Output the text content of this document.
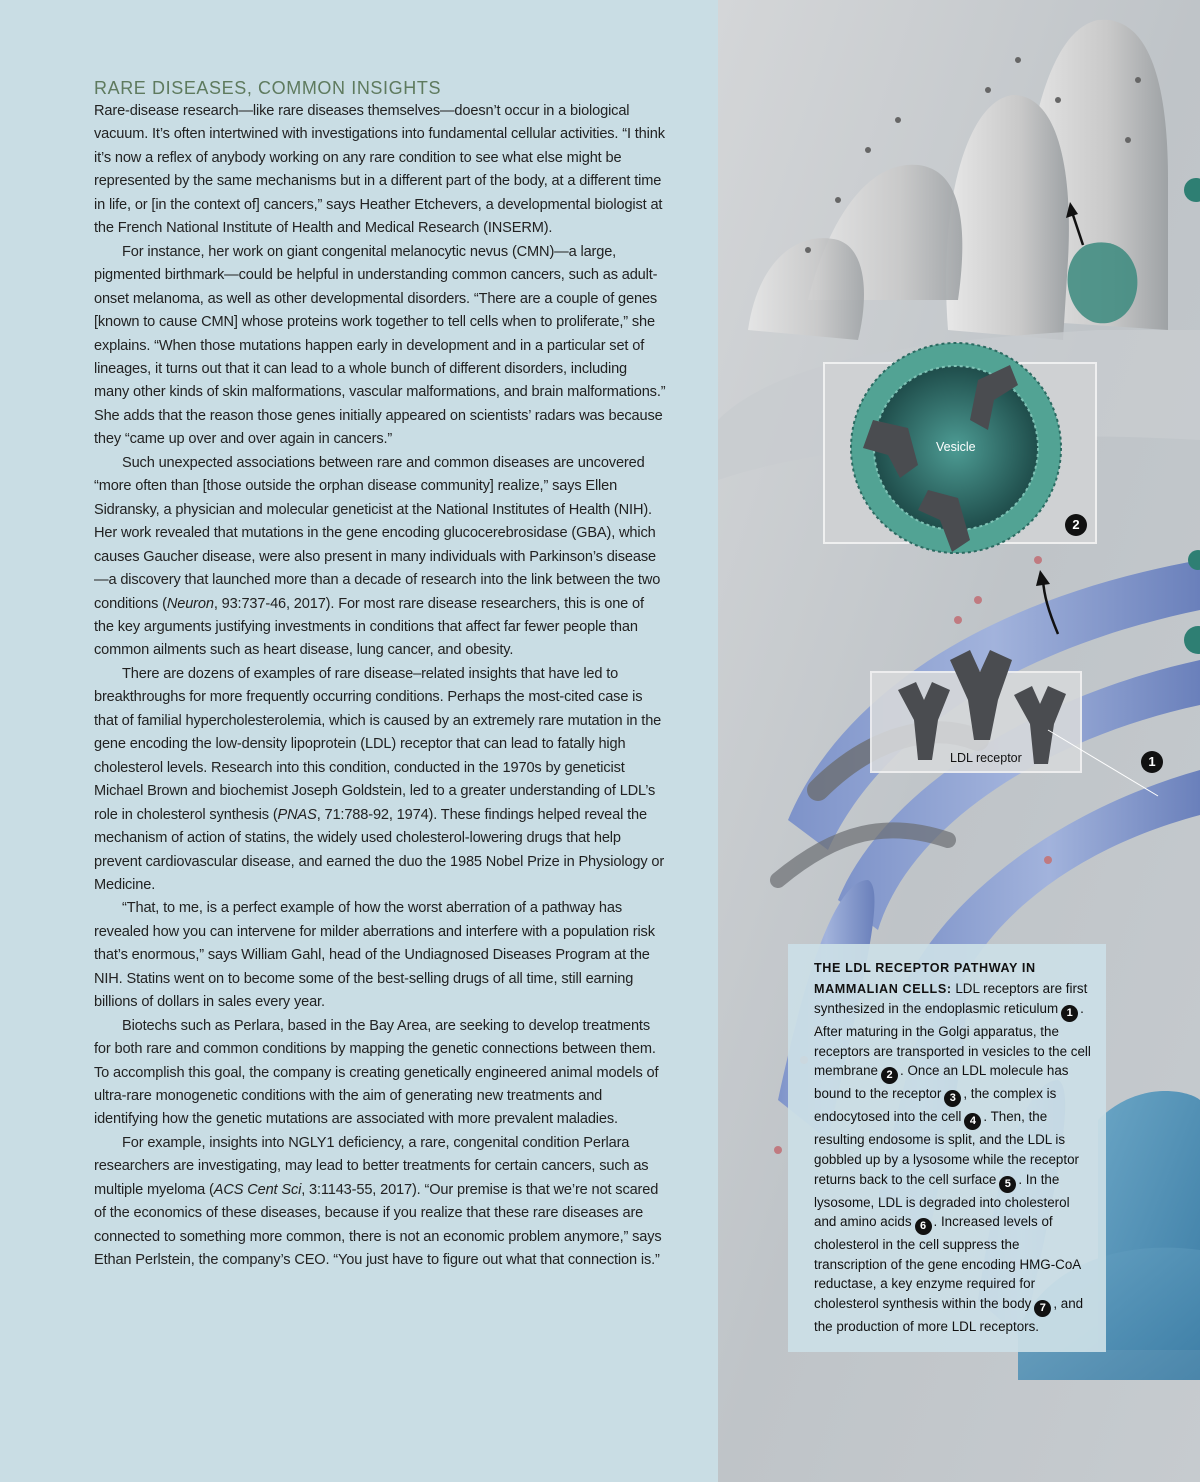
RARE DISEASES, COMMON INSIGHTS

Rare-disease research—like rare diseases themselves—doesn’t occur in a biological vacuum. It’s often intertwined with investigations into fundamental cellular activities. “I think it’s now a reflex of anybody working on any rare condition to see what else might be represented by the same mechanisms but in a different part of the body, at a different time in life, or [in the context of] cancers,” says Heather Etchevers, a developmental biologist at the French National Institute of Health and Medical Research (INSERM).

For instance, her work on giant congenital melanocytic nevus (CMN)—a large, pigmented birthmark—could be helpful in understanding common cancers, such as adult-onset melanoma, as well as other developmental disorders. “There are a couple of genes [known to cause CMN] whose proteins work together to tell cells when to proliferate,” she explains. “When those mutations happen early in development and in a particular set of lineages, it turns out that it can lead to a whole bunch of different disorders, including many other kinds of skin malformations, vascular malformations, and brain malformations.” She adds that the reason those genes initially appeared on scientists’ radars was because they “came up over and over again in cancers.”

Such unexpected associations between rare and common diseases are uncovered “more often than [those outside the orphan disease community] realize,” says Ellen Sidransky, a physician and molecular geneticist at the National Institutes of Health (NIH). Her work revealed that mutations in the gene encoding glucocerebrosidase (GBA), which causes Gaucher disease, were also present in many individuals with Parkinson’s disease—a discovery that launched more than a decade of research into the link between the two conditions (Neuron, 93:737-46, 2017). For most rare disease researchers, this is one of the key arguments justifying investments in conditions that affect far fewer people than common ailments such as heart disease, lung cancer, and obesity.

There are dozens of examples of rare disease–related insights that have led to breakthroughs for more frequently occurring conditions. Perhaps the most-cited case is that of familial hypercholesterolemia, which is caused by an extremely rare mutation in the gene encoding the low-density lipoprotein (LDL) receptor that can lead to fatally high cholesterol levels. Research into this condition, conducted in the 1970s by geneticist Michael Brown and biochemist Joseph Goldstein, led to a greater understanding of LDL’s role in cholesterol synthesis (PNAS, 71:788-92, 1974). These findings helped reveal the mechanism of action of statins, the widely used cholesterol-lowering drugs that help prevent cardiovascular disease, and earned the duo the 1985 Nobel Prize in Physiology or Medicine.

“That, to me, is a perfect example of how the worst aberration of a pathway has revealed how you can intervene for milder aberrations and interfere with a population risk that’s enormous,” says William Gahl, head of the Undiagnosed Diseases Program at the NIH. Statins went on to become some of the best-selling drugs of all time, still earning billions of dollars in sales every year.

Biotechs such as Perlara, based in the Bay Area, are seeking to develop treatments for both rare and common conditions by mapping the genetic connections between them. To accomplish this goal, the company is creating genetically engineered animal models of ultra-rare monogenetic conditions with the aim of generating new treatments and identifying how the genetic mutations are associated with more prevalent maladies.

For example, insights into NGLY1 deficiency, a rare, congenital condition Perlara researchers are investigating, may lead to better treatments for certain cancers, such as multiple myeloma (ACS Cent Sci, 3:1143-55, 2017). “Our premise is that we’re not scared of the economics of these diseases, because if you realize that these rare diseases are connected to something more common, there is not an economic problem anymore,” says Ethan Perlstein, the company’s CEO. “You just have to figure out what that connection is.”

Vesicle
LDL receptor
2
1
THE LDL RECEPTOR PATHWAY IN MAMMALIAN CELLS: LDL receptors are first synthesized in the endoplasmic reticulum 1 . After maturing in the Golgi apparatus, the receptors are transported in vesicles to the cell membrane 2 . Once an LDL molecule has bound to the receptor 3 , the complex is endocytosed into the cell 4 . Then, the resulting endosome is split, and the LDL is gobbled up by a lysosome while the receptor returns back to the cell surface 5 . In the lysosome, LDL is degraded into cholesterol and amino acids 6 . Increased levels of cholesterol in the cell suppress the transcription of the gene encoding HMG-CoA reductase, a key enzyme required for cholesterol synthesis within the body 7 , and the production of more LDL receptors.
